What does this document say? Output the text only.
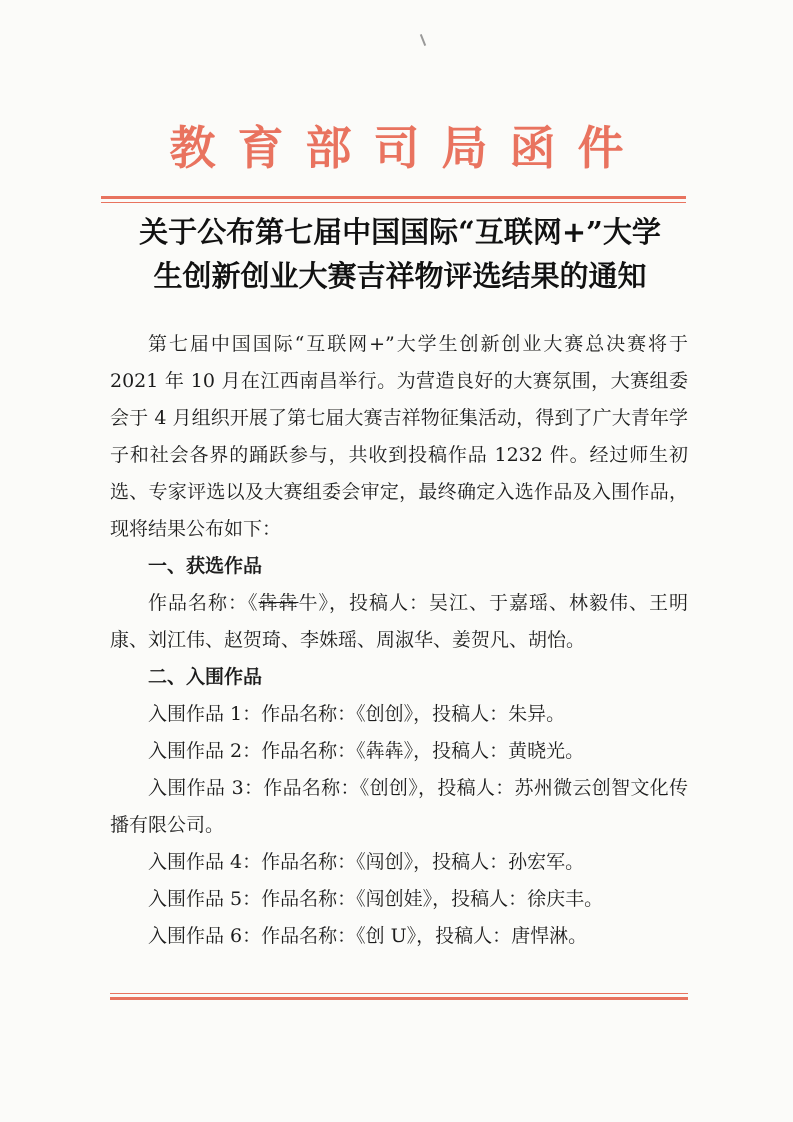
教育部司局函件
关于公布第七届中国国际“互联网+”大学
生创新创业大赛吉祥物评选结果的通知

第七届中国国际“互联网+”大学生创新创业大赛总决赛将于 2021 年 10 月在江西南昌举行。为营造良好的大赛氛围，大赛组委会于 4 月组织开展了第七届大赛吉祥物征集活动，得到了广大青年学子和社会各界的踊跃参与，共收到投稿作品 1232 件。经过师生初选、专家评选以及大赛组委会审定，最终确定入选作品及入围作品，现将结果公布如下：

一、获选作品

作品名称：《犇犇牛》，投稿人：吴江、于嘉瑶、林毅伟、王明康、刘江伟、赵贺琦、李姝瑶、周淑华、姜贺凡、胡怡。

二、入围作品

入围作品 1：作品名称：《创创》，投稿人：朱异。

入围作品 2：作品名称：《犇犇》，投稿人：黄晓光。

入围作品 3：作品名称：《创创》，投稿人：苏州微云创智文化传播有限公司。

入围作品 4：作品名称：《闯创》，投稿人：孙宏军。

入围作品 5：作品名称：《闯创娃》，投稿人：徐庆丰。

入围作品 6：作品名称：《创 U》，投稿人：唐悍淋。
